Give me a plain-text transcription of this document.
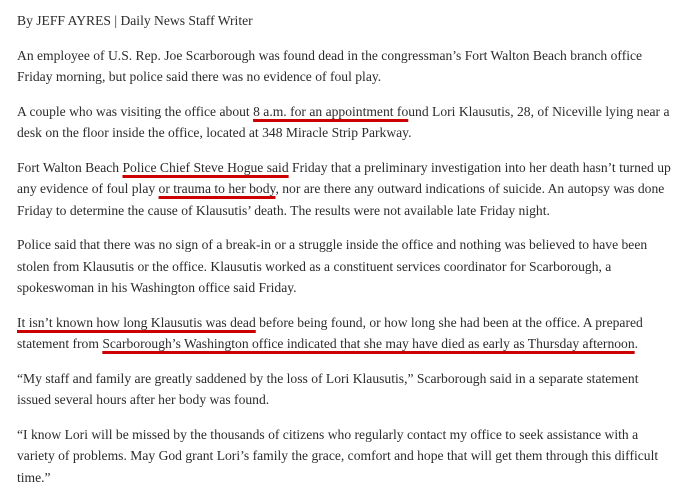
By JEFF AYRES | Daily News Staff Writer

An employee of U.S. Rep. Joe Scarborough was found dead in the congressman’s Fort Walton Beach branch office Friday morning, but police said there was no evidence of foul play.

A couple who was visiting the office about 8 a.m. for an appointment found Lori Klausutis, 28, of Niceville lying near a desk on the floor inside the office, located at 348 Miracle Strip Parkway.

Fort Walton Beach Police Chief Steve Hogue said Friday that a preliminary investigation into her death hasn’t turned up any evidence of foul play or trauma to her body, nor are there any outward indications of suicide. An autopsy was done Friday to determine the cause of Klausutis’ death. The results were not available late Friday night.

Police said that there was no sign of a break-in or a struggle inside the office and nothing was believed to have been stolen from Klausutis or the office. Klausutis worked as a constituent services coordinator for Scarborough, a spokeswoman in his Washington office said Friday.

It isn’t known how long Klausutis was dead before being found, or how long she had been at the office. A prepared statement from Scarborough’s Washington office indicated that she may have died as early as Thursday afternoon.

“My staff and family are greatly saddened by the loss of Lori Klausutis,” Scarborough said in a separate statement issued several hours after her body was found.

“I know Lori will be missed by the thousands of citizens who regularly contact my office to seek assistance with a variety of problems. May God grant Lori’s family the grace, comfort and hope that will get them through this difficult time.”
